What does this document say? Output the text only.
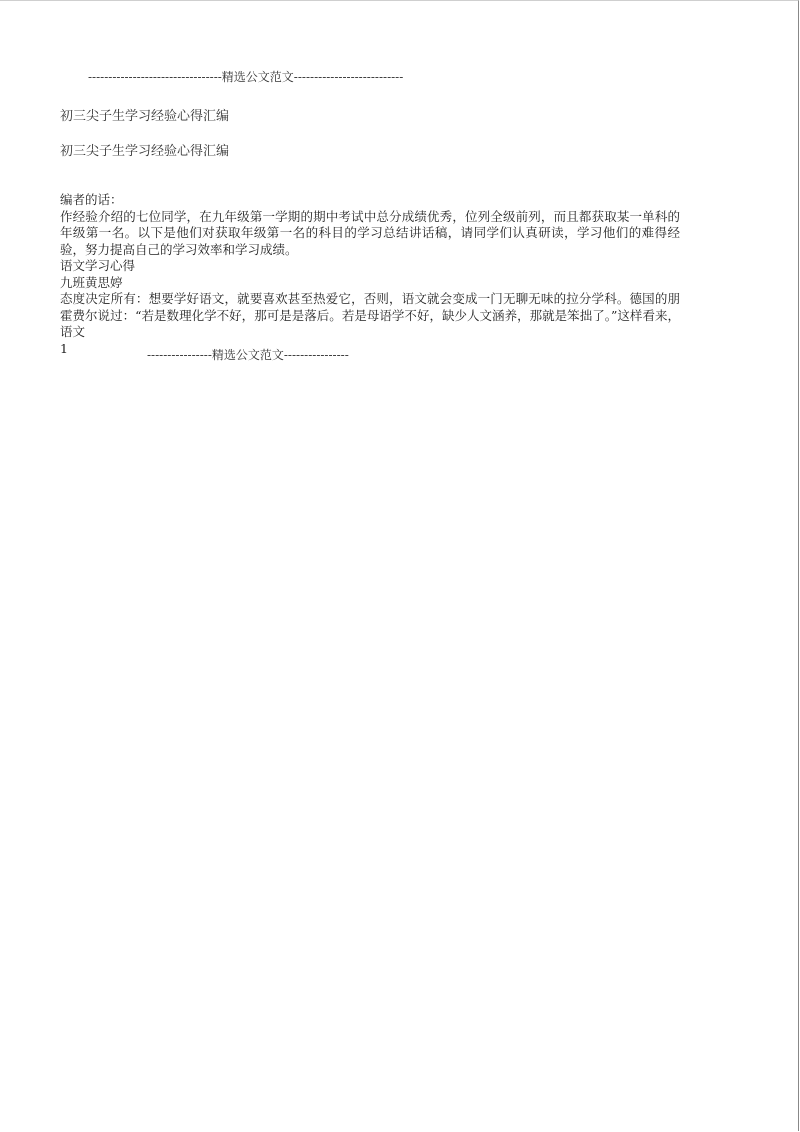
---------------------------------精选公文范文---------------------------
初三尖子生学习经验心得汇编
初三尖子生学习经验心得汇编

编者的话：

作经验介绍的七位同学，在九年级第一学期的期中考试中总分成绩优秀，位列全级前列，而且都获取某一单科的年级第一名。以下是他们对获取年级第一名的科目的学习总结讲话稿，请同学们认真研读，学习他们的难得经验，努力提高自己的学习效率和学习成绩。

语文学习心得

九班黄思婷

态度决定所有：想要学好语文，就要喜欢甚至热爱它，否则，语文就会变成一门无聊无味的拉分学科。德国的朋霍费尔说过：“若是数理化学不好，那可是是落后。若是母语学不好，缺少人文涵养，那就是笨拙了。”这样看来，语文

1	----------------精选公文范文----------------
